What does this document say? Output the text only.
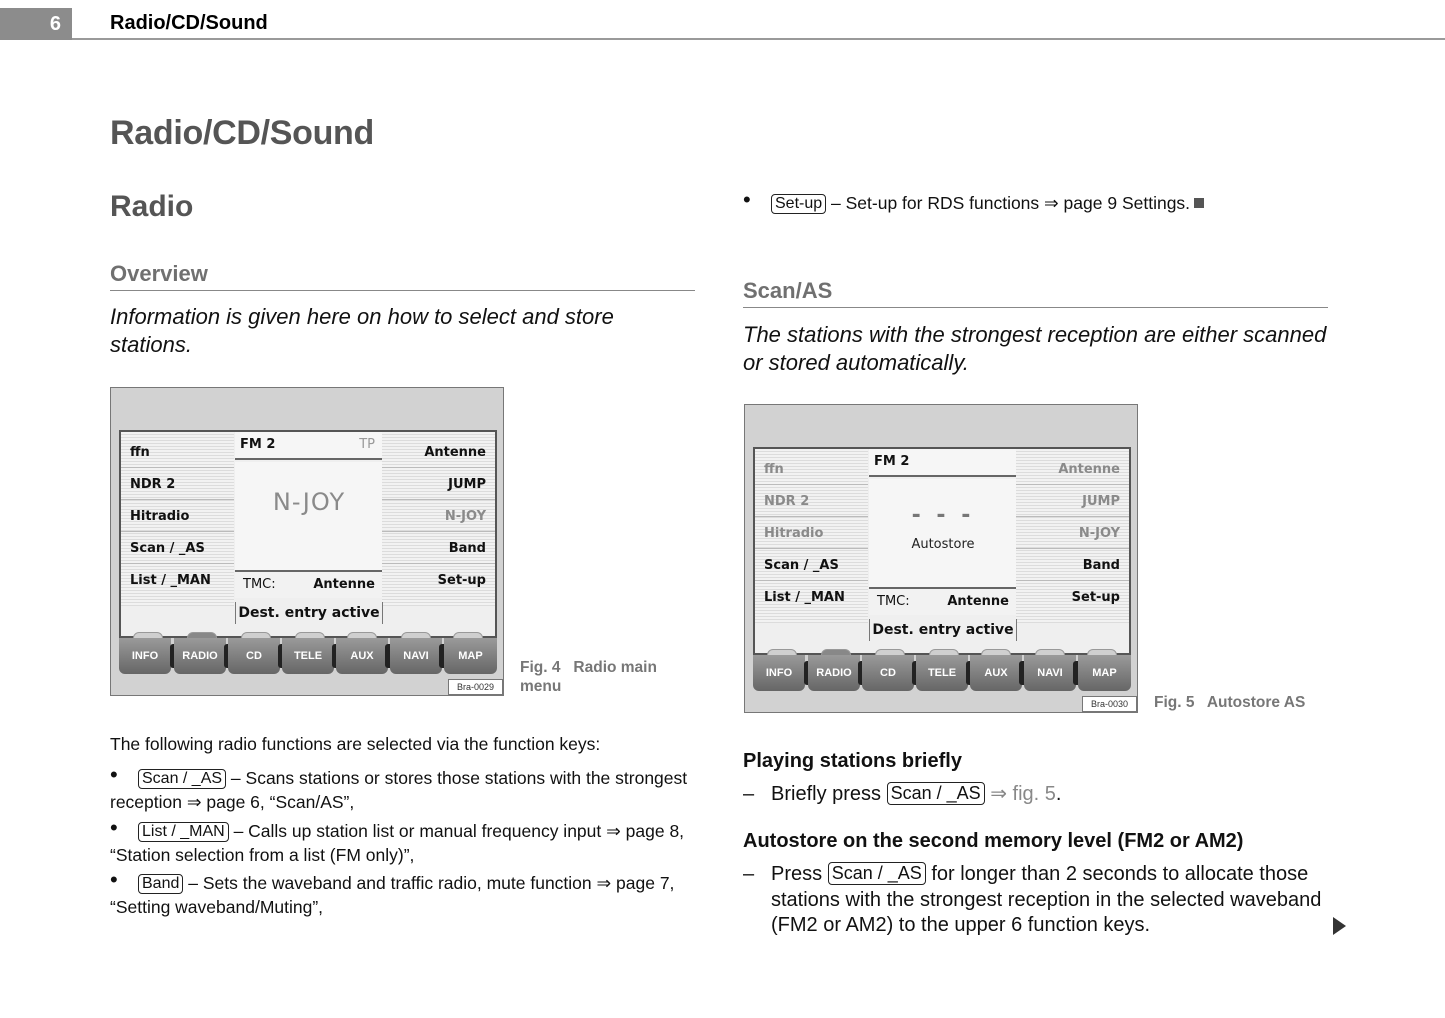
6	Radio/CD/Sound
Radio/CD/Sound
Radio
Overview
Information is given here on how to select and store stations.
ffn
NDR 2
Hitradio
Scan / _AS
List / _MAN
FM 2	TP
N-JOY
TMC:	Antenne
Antenne
JUMP
N-JOY
Band
Set-up
Dest. entry active
INFO	RADIO	CD	TELE	AUX	NAVI	MAP
Bra-0029
Fig. 4 Radio main menu
The following radio functions are selected via the function keys:
• Scan / _AS – Scans stations or stores those stations with the strongest
reception ⇒ page 6, “Scan/AS”,
• List / _MAN – Calls up station list or manual frequency input ⇒ page 8,
“Station selection from a list (FM only)”,
• Band – Sets the waveband and traffic radio, mute function ⇒ page 7,
“Setting waveband/Muting”,
• Set-up – Set-up for RDS functions ⇒ page 9 Settings.
Scan/AS
The stations with the strongest reception are either scanned or stored automatically.
ffn
NDR 2
Hitradio
Scan / _AS
List / _MAN
FM 2
- - -
Autostore
TMC:	Antenne
Antenne
JUMP
N-JOY
Band
Set-up
Dest. entry active
INFO	RADIO	CD	TELE	AUX	NAVI	MAP
Bra-0030	Fig. 5 Autostore AS
Playing stations briefly
– Briefly press Scan / _AS ⇒ fig. 5.
Autostore on the second memory level (FM2 or AM2)
– Press Scan / _AS for longer than 2 seconds to allocate those
stations with the strongest reception in the selected waveband
(FM2 or AM2) to the upper 6 function keys.
